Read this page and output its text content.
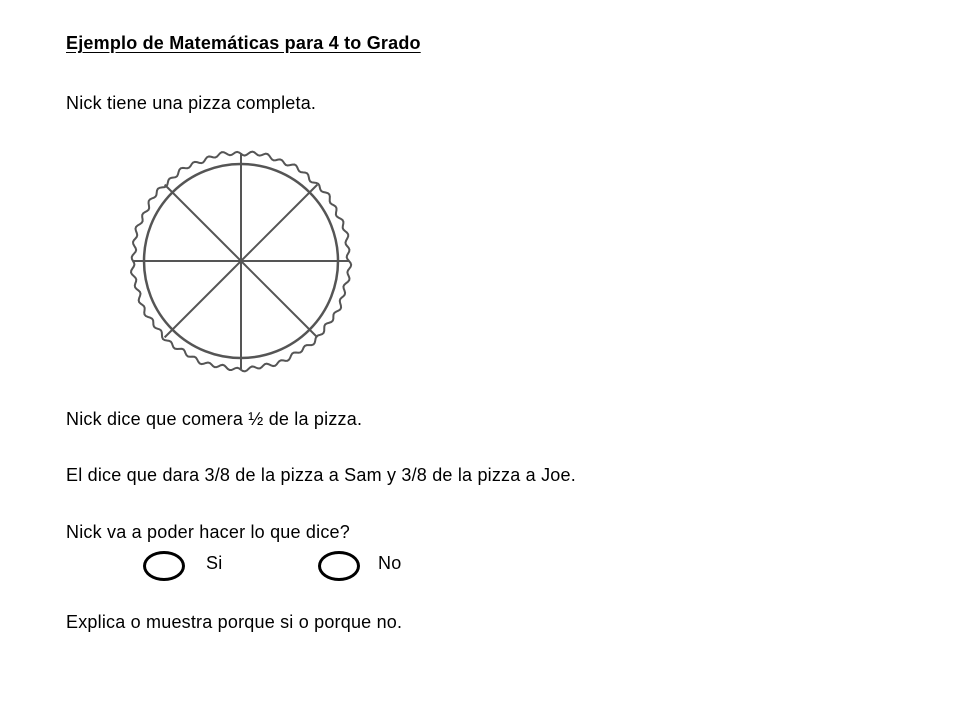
Ejemplo de Matemáticas para 4 to Grado
Nick tiene una pizza completa.
Nick dice que comera ½ de la pizza.
El dice que dara 3/8 de la pizza a Sam y 3/8 de la pizza a Joe.
Nick va a poder hacer lo que dice?
Si	No
Explica o muestra porque si o porque no.
